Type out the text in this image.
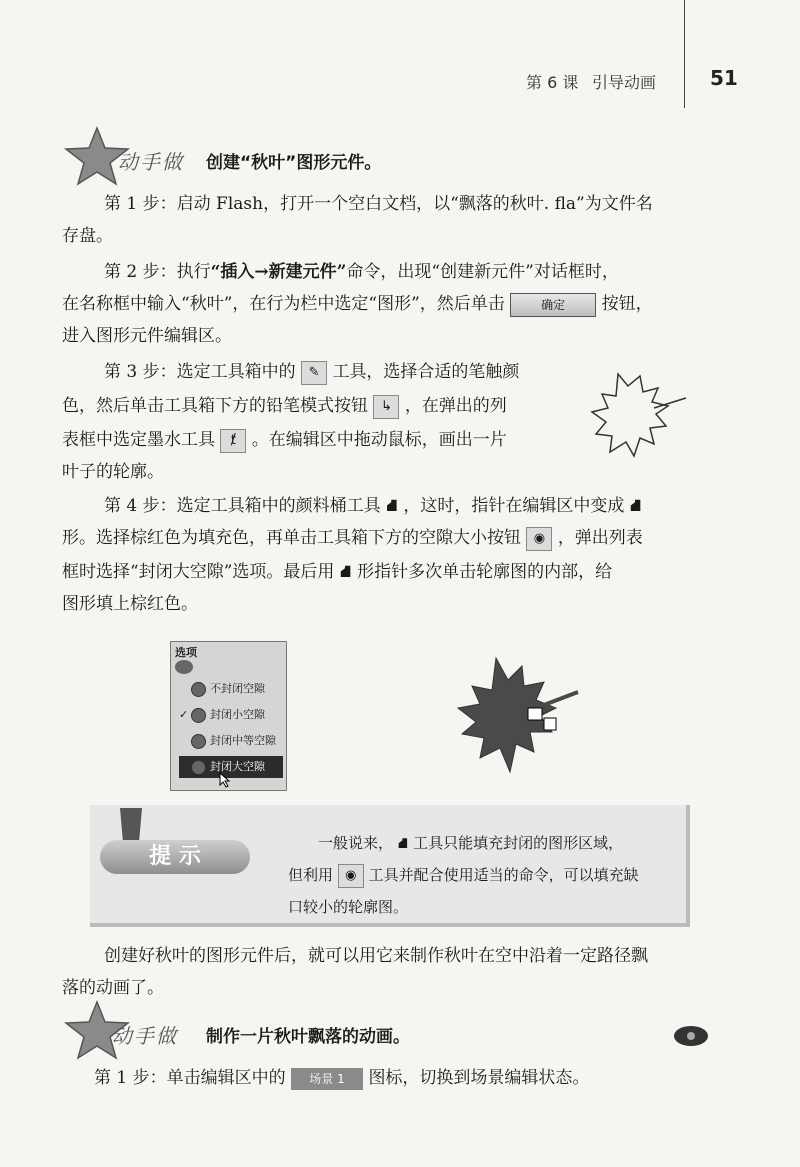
第 6 课 引导动画	51
动手做 创建“秋叶”图形元件。
第 1 步：启动 Flash，打开一个空白文档，以“飘落的秋叶. fla”为文件名
存盘。
第 2 步：执行“插入→新建元件”命令，出现“创建新元件”对话框时，
在名称框中输入“秋叶”，在行为栏中选定“图形”，然后单击	确定 按钮，
进入图形元件编辑区。
第 3 步：选定工具箱中的 ✎ 工具，选择合适的笔触颜
色，然后单击工具箱下方的铅笔模式按钮 ↳ ，在弹出的列
表框中选定墨水工具 ⱦ 。在编辑区中拖动鼠标，画出一片
叶子的轮廓。
第 4 步：选定工具箱中的颜料桶工具 ⛘ ，这时，指针在编辑区中变成 ⛘
形。选择棕红色为填充色，再单击工具箱下方的空隙大小按钮 ◉ ，弹出列表
框时选择“封闭大空隙”选项。最后用 ⛘ 形指针多次单击轮廓图的内部，给
图形填上棕红色。
选项
不封闭空隙
✓ 封闭小空隙
封闭中等空隙
封闭大空隙
提 示
一般说来， ⛘ 工具只能填充封闭的图形区域，
但利用 ◉ 工具并配合使用适当的命令，可以填充缺
口较小的轮廓图。
创建好秋叶的图形元件后，就可以用它来制作秋叶在空中沿着一定路径飘
落的动画了。
动手做 制作一片秋叶飘落的动画。
第 1 步：单击编辑区中的 场景 1 图标，切换到场景编辑状态。
